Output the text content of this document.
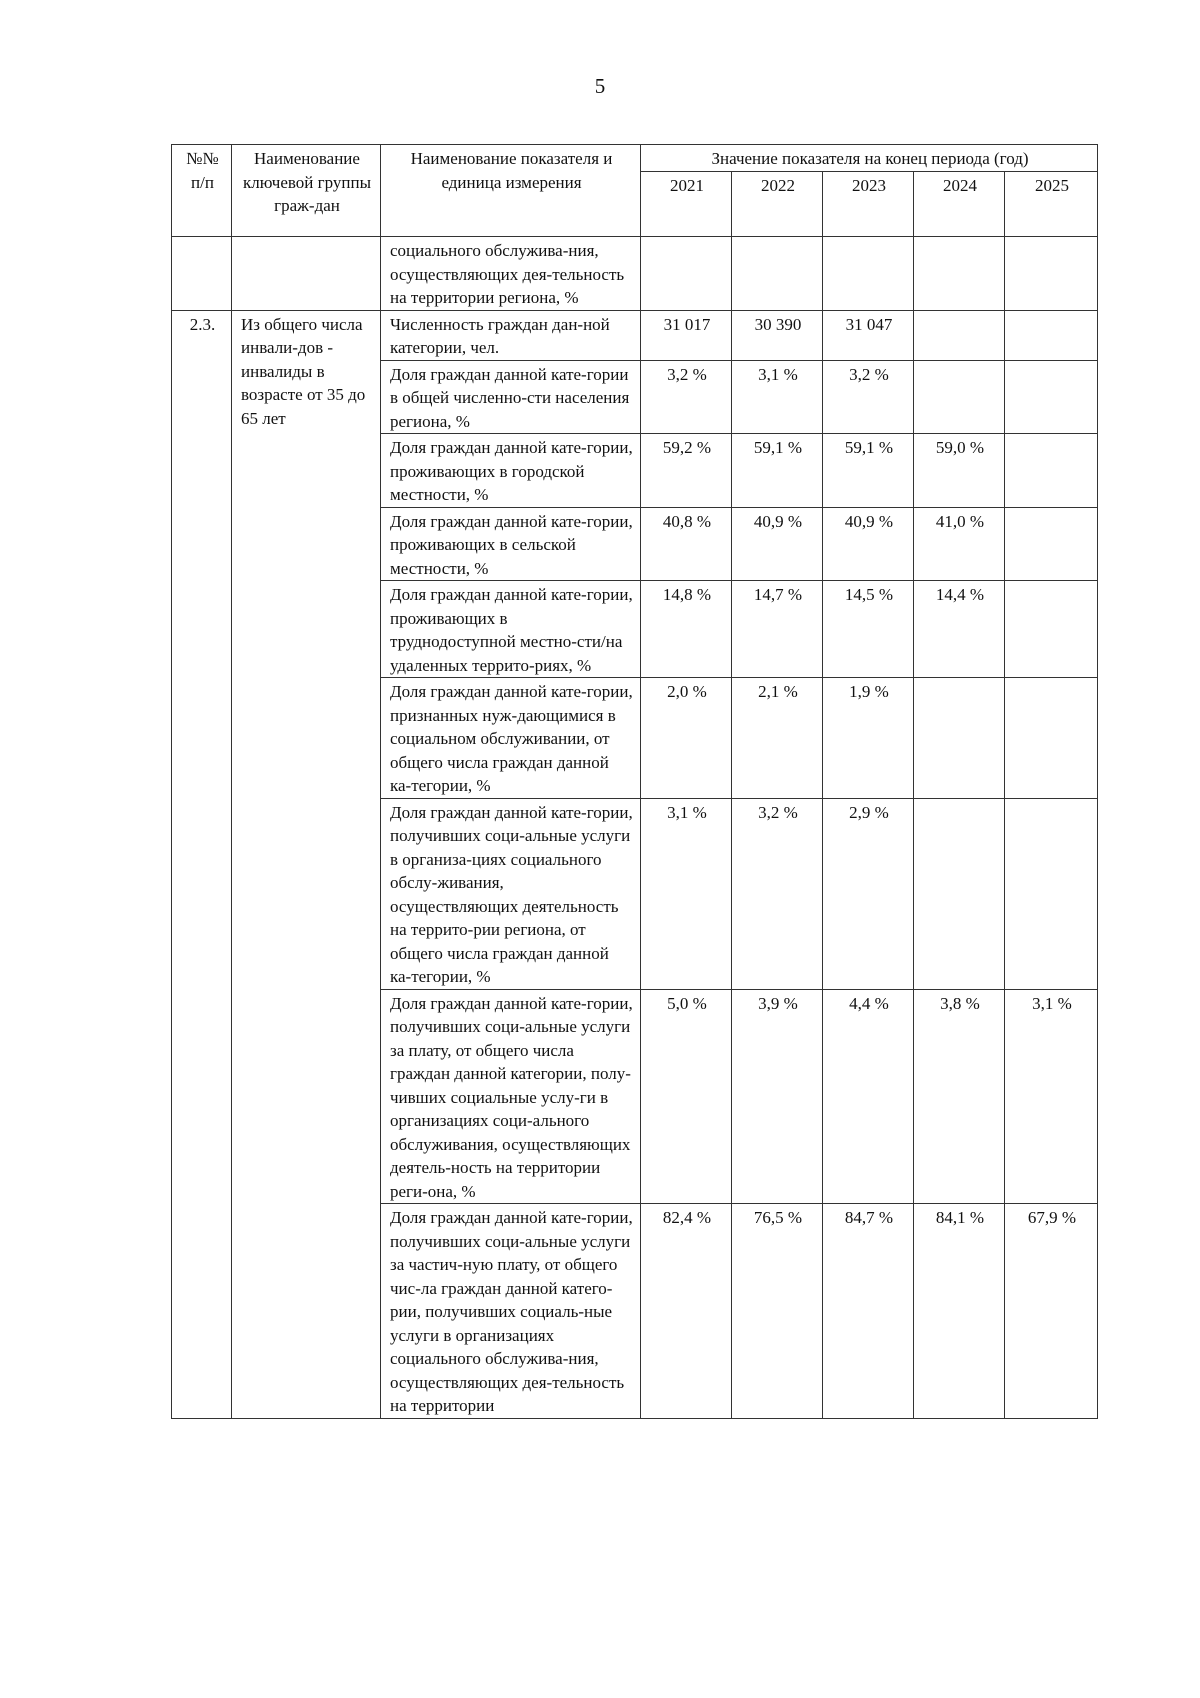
5
№№ п/п	Наименование ключевой группы граж-дан	Наименование показателя и единица измерения	Значение показателя на конец периода (год)				
			2021	2022	2023	2024	2025
		социального обслужива-ния, осуществляющих дея-тельность на территории региона, %					
2.3.	Из общего числа инвали-дов - инвалиды в возрасте от 35 до 65 лет	Численность граждан дан-ной категории, чел.	31 017	30 390	31 047		
		Доля граждан данной кате-гории в общей численно-сти населения региона, %	3,2 %	3,1 %	3,2 %		
		Доля граждан данной кате-гории, проживающих в городской местности, %	59,2 %	59,1 %	59,1 %	59,0 %	
		Доля граждан данной кате-гории, проживающих в сельской местности, %	40,8 %	40,9 %	40,9 %	41,0 %	
		Доля граждан данной кате-гории, проживающих в труднодоступной местно-сти/на удаленных террито-риях, %	14,8 %	14,7 %	14,5 %	14,4 %	
		Доля граждан данной кате-гории, признанных нуж-дающимися в социальном обслуживании, от общего числа граждан данной ка-тегории, %	2,0 %	2,1 %	1,9 %		
		Доля граждан данной кате-гории, получивших соци-альные услуги в организа-циях социального обслу-живания, осуществляющих деятельность на террито-рии региона, от общего числа граждан данной ка-тегории, %	3,1 %	3,2 %	2,9 %		
		Доля граждан данной кате-гории, получивших соци-альные услуги за плату, от общего числа граждан данной категории, полу-чивших социальные услу-ги в организациях соци-ального обслуживания, осуществляющих деятель-ность на территории реги-она, %	5,0 %	3,9 %	4,4 %	3,8 %	3,1 %
		Доля граждан данной кате-гории, получивших соци-альные услуги за частич-ную плату, от общего чис-ла граждан данной катего-рии, получивших социаль-ные услуги в организациях социального обслужива-ния, осуществляющих дея-тельность на территории	82,4 %	76,5 %	84,7 %	84,1 %	67,9 %
